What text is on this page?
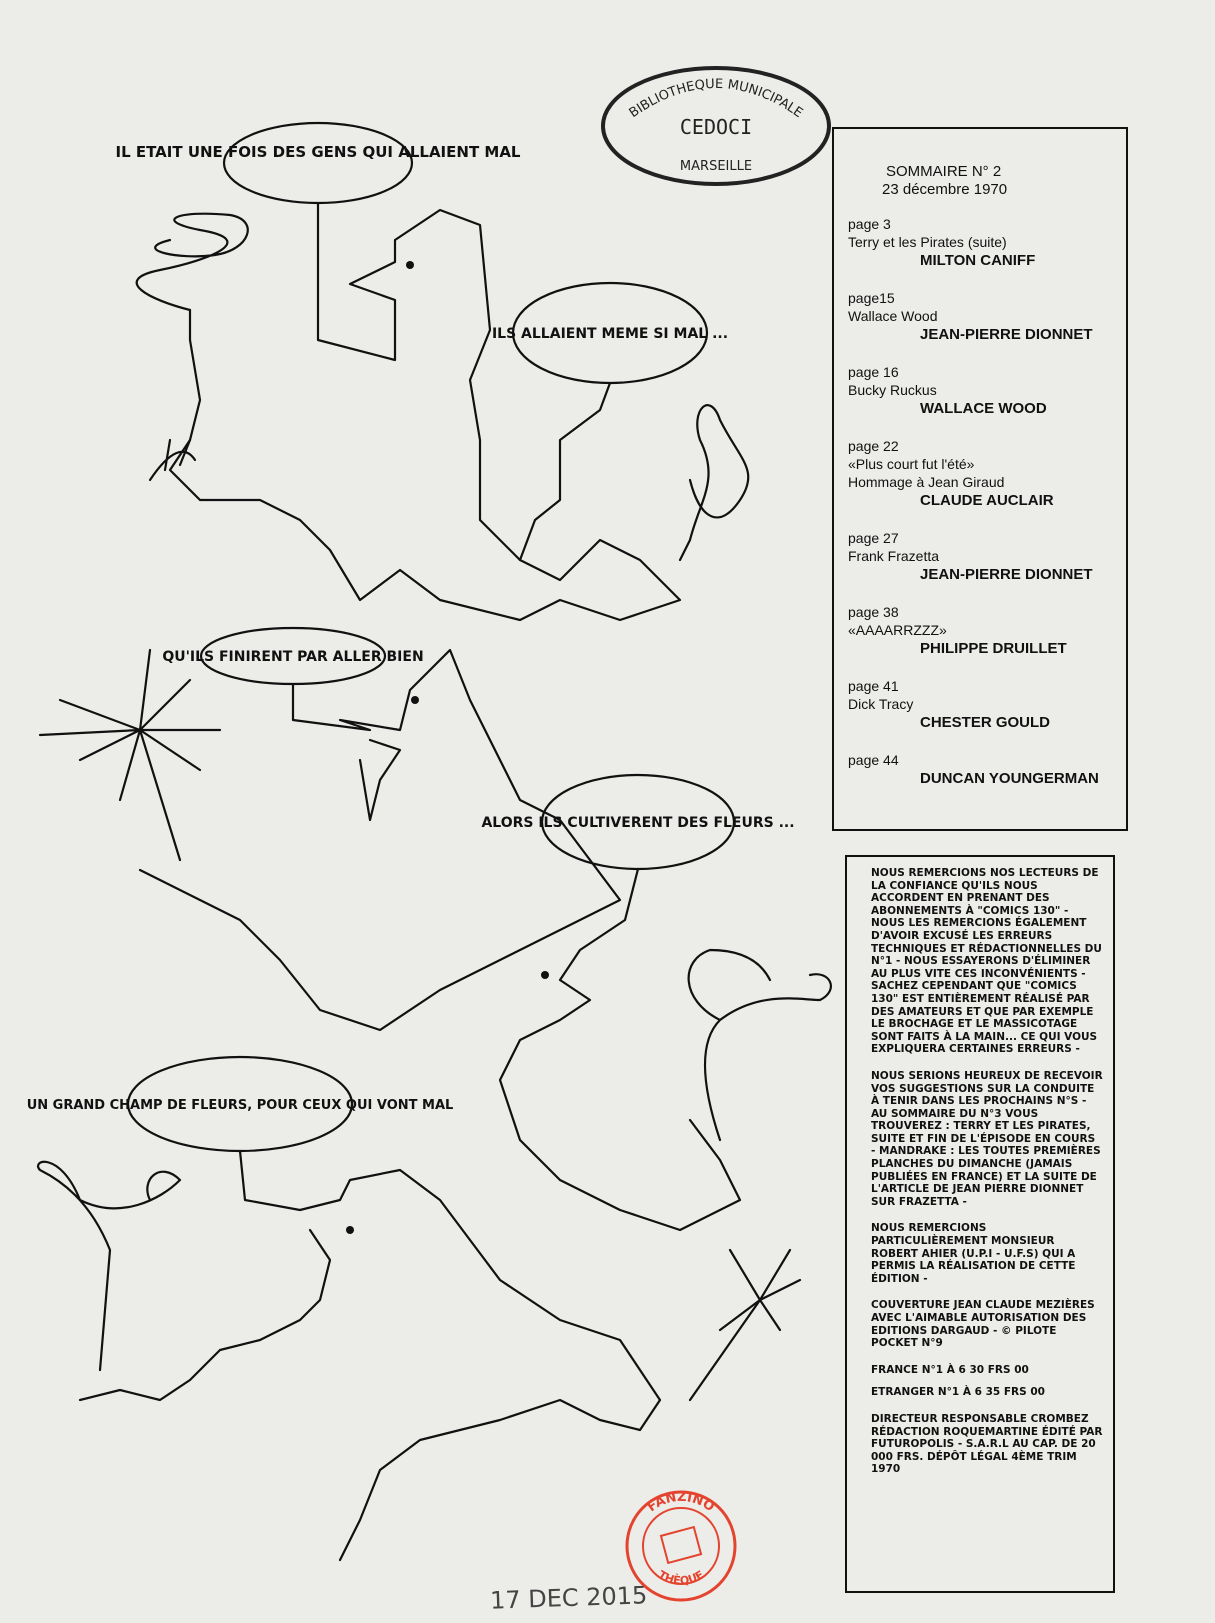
IL ETAIT UNE FOIS DES GENS QUI ALLAIENT MAL
ILS ALLAIENT MEME SI MAL ...
QU'ILS FINIRENT PAR ALLER BIEN
ALORS ILS CULTIVERENT DES FLEURS ...
UN GRAND CHAMP DE FLEURS, POUR CEUX QUI VONT MAL
BIBLIOTHEQUE MUNICIPALE
CEDOCI
MARSEILLE	SOMMAIRE N° 2
23 décembre 1970
page 3
Terry et les Pirates (suite)
MILTON CANIFF
page15
Wallace Wood
JEAN-PIERRE DIONNET
page 16
Bucky Ruckus
WALLACE WOOD
page 22
«Plus court fut l'été»
Hommage à Jean Giraud
CLAUDE AUCLAIR
page 27
Frank Frazetta
JEAN-PIERRE DIONNET
page 38
«AAAARRZZZ»
PHILIPPE DRUILLET
page 41
Dick Tracy
CHESTER GOULD
page 44
DUNCAN YOUNGERMAN

NOUS REMERCIONS NOS LECTEURS DE LA CONFIANCE QU'ILS NOUS ACCORDENT EN PRENANT DES ABONNEMENTS À "COMICS 130" - NOUS LES REMERCIONS ÉGALEMENT D'AVOIR EXCUSÉ LES ERREURS TECHNIQUES ET RÉDACTIONNELLES DU N°1 - NOUS ESSAYERONS D'ÉLIMINER AU PLUS VITE CES INCONVÉNIENTS - SACHEZ CEPENDANT QUE "COMICS 130" EST ENTIÈREMENT RÉALISÉ PAR DES AMATEURS ET QUE PAR EXEMPLE LE BROCHAGE ET LE MASSICOTAGE SONT FAITS À LA MAIN... CE QUI VOUS EXPLIQUERA CERTAINES ERREURS -

NOUS SERIONS HEUREUX DE RECEVOIR VOS SUGGESTIONS SUR LA CONDUITE À TENIR DANS LES PROCHAINS N°S - AU SOMMAIRE DU N°3 VOUS TROUVEREZ : TERRY ET LES PIRATES, SUITE ET FIN DE L'ÉPISODE EN COURS - MANDRAKE : LES TOUTES PREMIÈRES PLANCHES DU DIMANCHE (JAMAIS PUBLIÉES EN FRANCE) ET LA SUITE DE L'ARTICLE DE JEAN PIERRE DIONNET SUR FRAZETTA -

NOUS REMERCIONS PARTICULIÈREMENT MONSIEUR ROBERT AHIER (U.P.I - U.F.S) QUI A PERMIS LA RÉALISATION DE CETTE ÉDITION -

COUVERTURE JEAN CLAUDE MEZIÈRES AVEC L'AIMABLE AUTORISATION DES EDITIONS DARGAUD - © PILOTE POCKET N°9

FRANCE N°1 À 6 30 FRS 00

ETRANGER N°1 À 6 35 FRS 00

DIRECTEUR RESPONSABLE CROMBEZ RÉDACTION ROQUEMARTINE ÉDITÉ PAR FUTUROPOLIS - S.A.R.L AU CAP. DE 20 000 FRS. DÉPÔT LÉGAL 4ÈME TRIM 1970

FANZINO
THÈQUE
17 DEC 2015
